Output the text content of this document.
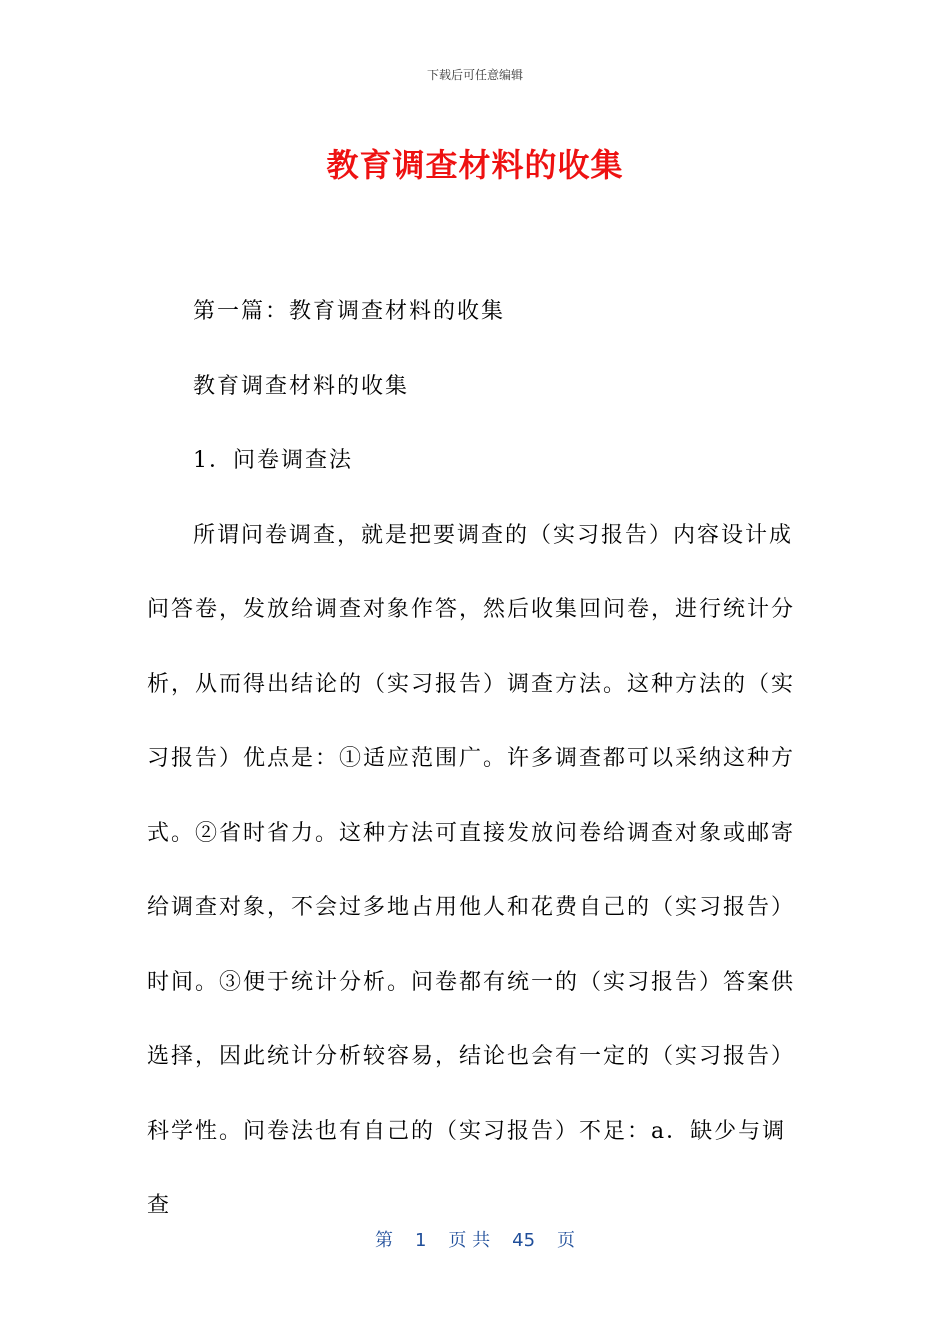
下载后可任意编辑
教育调查材料的收集

第一篇：教育调查材料的收集

教育调查材料的收集

1．问卷调查法

所谓问卷调查，就是把要调查的（实习报告）内容设计成问答卷，发放给调查对象作答，然后收集回问卷，进行统计分析，从而得出结论的（实习报告）调查方法。这种方法的（实习报告）优点是：①适应范围广。许多调查都可以采纳这种方式。②省时省力。这种方法可直接发放问卷给调查对象或邮寄给调查对象，不会过多地占用他人和花费自己的（实习报告）时间。③便于统计分析。问卷都有统一的（实习报告）答案供选择，因此统计分析较容易，结论也会有一定的（实习报告）科学性。问卷法也有自己的（实习报告）不足：a．缺少与调查

第 1 页 共 45 页
